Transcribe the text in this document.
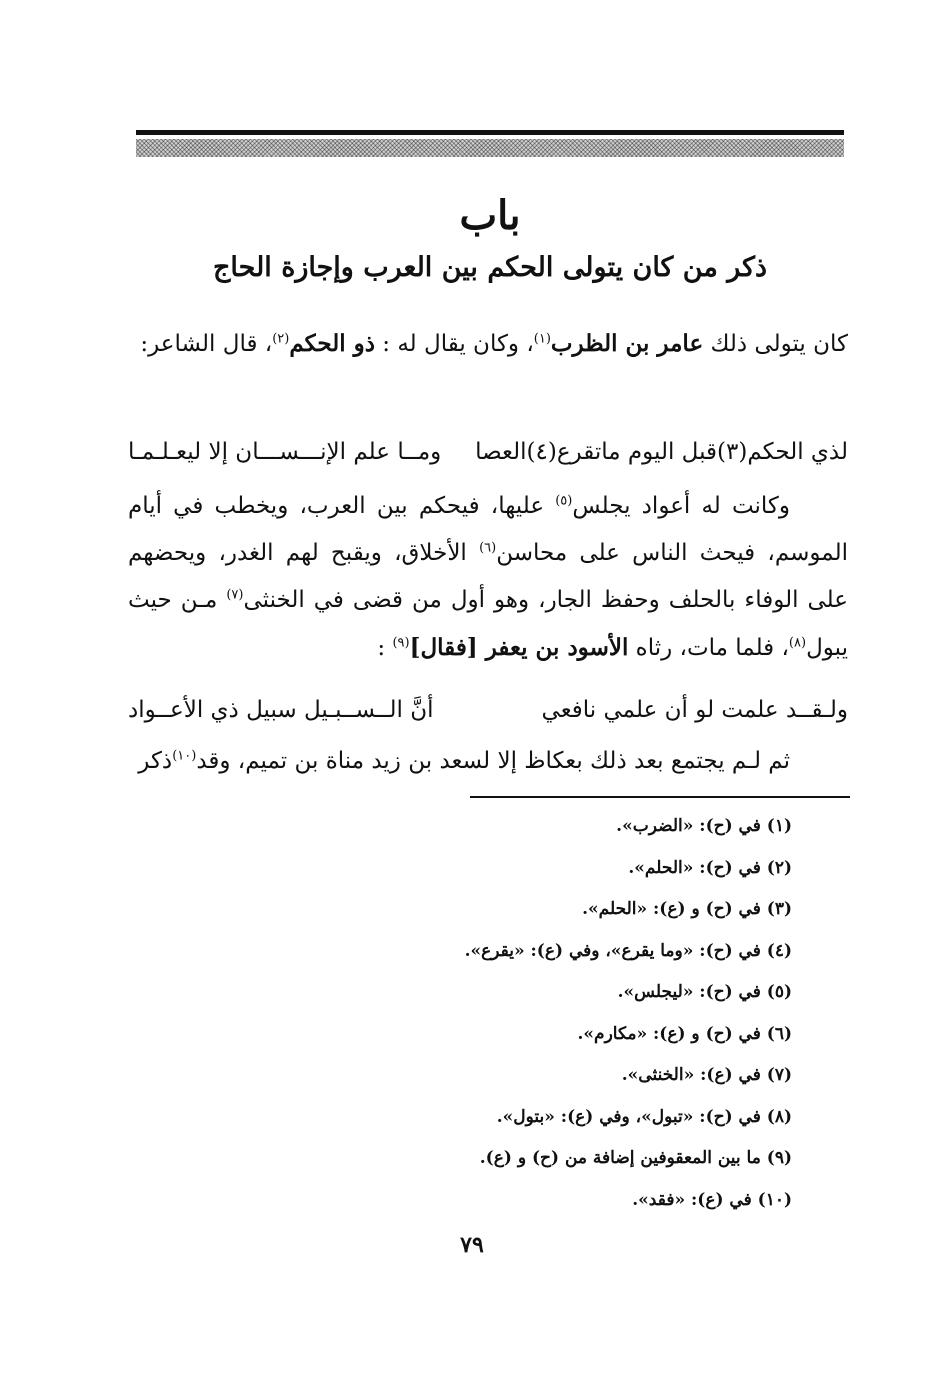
باب
ذكر من كان يتولى الحكم بين العرب وإجازة الحاج
كان يتولى ذلك عامر بن الظرب$^{(١)}$، وكان يقال له : ذو الحكم$^{(٢)}$، قال الشاعر:
لذي الحكم(٣)قبل اليوم ماتقرع(٤)العصا
ومــا علم الإنـــســـان إلا ليعـلـمـا
وكانت له أعواد يجلس$^{(٥)}$ عليها، فيحكم بين العرب، ويخطب في أيام الموسم، فيحث الناس على محاسن$^{(٦)}$ الأخلاق، ويقبح لهم الغدر، ويحضهم على الوفاء بالحلف وحفظ الجار، وهو أول من قضى في الخنثى$^{(٧)}$ مـن حيث يبول$^{(٨)}$، فلما مات، رثاه الأسود بن يعفر [فقال]$^{(٩)}$ :
ولـقــد علمت لو أن علمي نافعي
أنَّ الــســبـيل سبيل ذي الأعــواد
ثم لـم يجتمع بعد ذلك بعكاظ إلا لسعد بن زيد مناة بن تميم، وقد$^{(١٠)}$ذكر
(١) في (ح): «الضرب».
(٢) في (ح): «الحلم».
(٣) في (ح) و (ع): «الحلم».
(٤) في (ح): «وما يقرع»، وفي (ع): «يقرع».
(٥) في (ح): «ليجلس».
(٦) في (ح) و (ع): «مكارم».
(٧) في (ع): «الخنثى».
(٨) في (ح): «تبول»، وفي (ع): «بتول».
(٩) ما بين المعقوفين إضافة من (ح) و (ع).
(١٠) في (ع): «فقد».
٧٩
